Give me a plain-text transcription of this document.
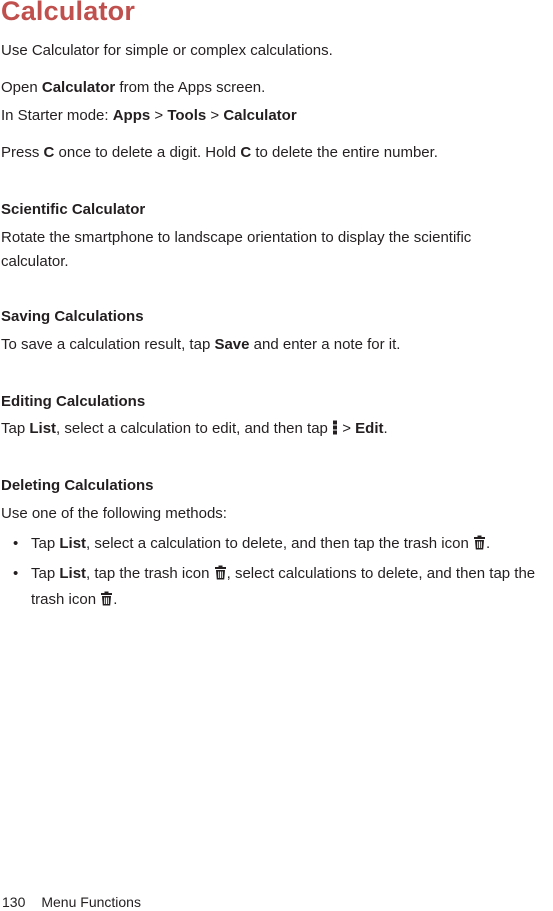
Calculator
Use Calculator for simple or complex calculations.
Open Calculator from the Apps screen.
In Starter mode: Apps > Tools > Calculator
Press C once to delete a digit. Hold C to delete the entire number.
Scientific Calculator
Rotate the smartphone to landscape orientation to display the scientific calculator.
Saving Calculations
To save a calculation result, tap Save and enter a note for it.
Editing Calculations
Tap List, select a calculation to edit, and then tap  > Edit.
Deleting Calculations
Use one of the following methods:
• Tap List, select a calculation to delete, and then tap the trash icon .
• Tap List, tap the trash icon , select calculations to delete, and then tap the trash icon .
130 Menu Functions
